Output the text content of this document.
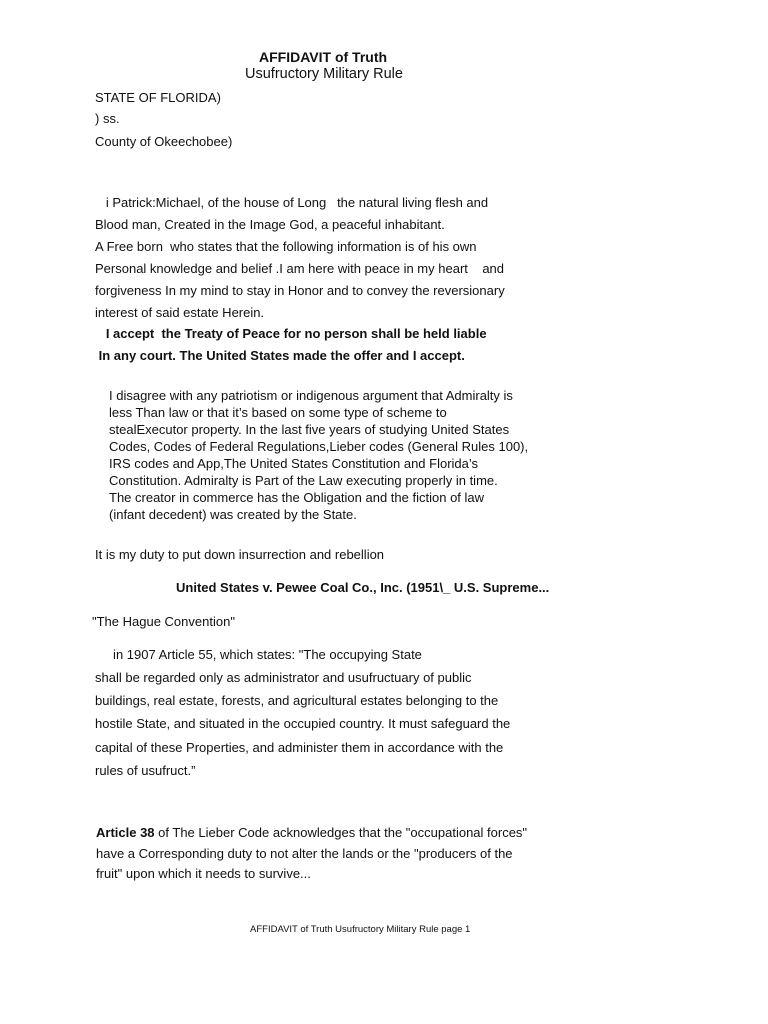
AFFIDAVIT of Truth
Usufructory Military Rule
STATE OF FLORIDA)
) ss.
County of Okeechobee)
i Patrick:Michael, of the house of Long   the natural living flesh and
Blood man, Created in the Image God, a peaceful inhabitant.
A Free born  who states that the following information is of his own
Personal knowledge and belief .I am here with peace in my heart    and
forgiveness In my mind to stay in Honor and to convey the reversionary
interest of said estate Herein.
I accept  the Treaty of Peace for no person shall be held liable
In any court. The United States made the offer and I accept.
I disagree with any patriotism or indigenous argument that Admiralty is
less Than law or that it’s based on some type of scheme to
stealExecutor property. In the last five years of studying United States
Codes, Codes of Federal Regulations,Lieber codes (General Rules 100),
IRS codes and App,The United States Constitution and Florida’s
Constitution. Admiralty is Part of the Law executing properly in time.
The creator in commerce has the Obligation and the fiction of law
(infant decedent) was created by the State.
It is my duty to put down insurrection and rebellion
United States v. Pewee Coal Co., Inc. (1951\_ U.S. Supreme...
"The Hague Convention"
in 1907 Article 55, which states: "The occupying State
shall be regarded only as administrator and usufructuary of public
buildings, real estate, forests, and agricultural estates belonging to the
hostile State, and situated in the occupied country. It must safeguard the
capital of these Properties, and administer them in accordance with the
rules of usufruct.”
Article 38 of The Lieber Code acknowledges that the "occupational forces"
have a Corresponding duty to not alter the lands or the "producers of the
fruit" upon which it needs to survive...
AFFIDAVIT of Truth Usufructory Military Rule page 1
